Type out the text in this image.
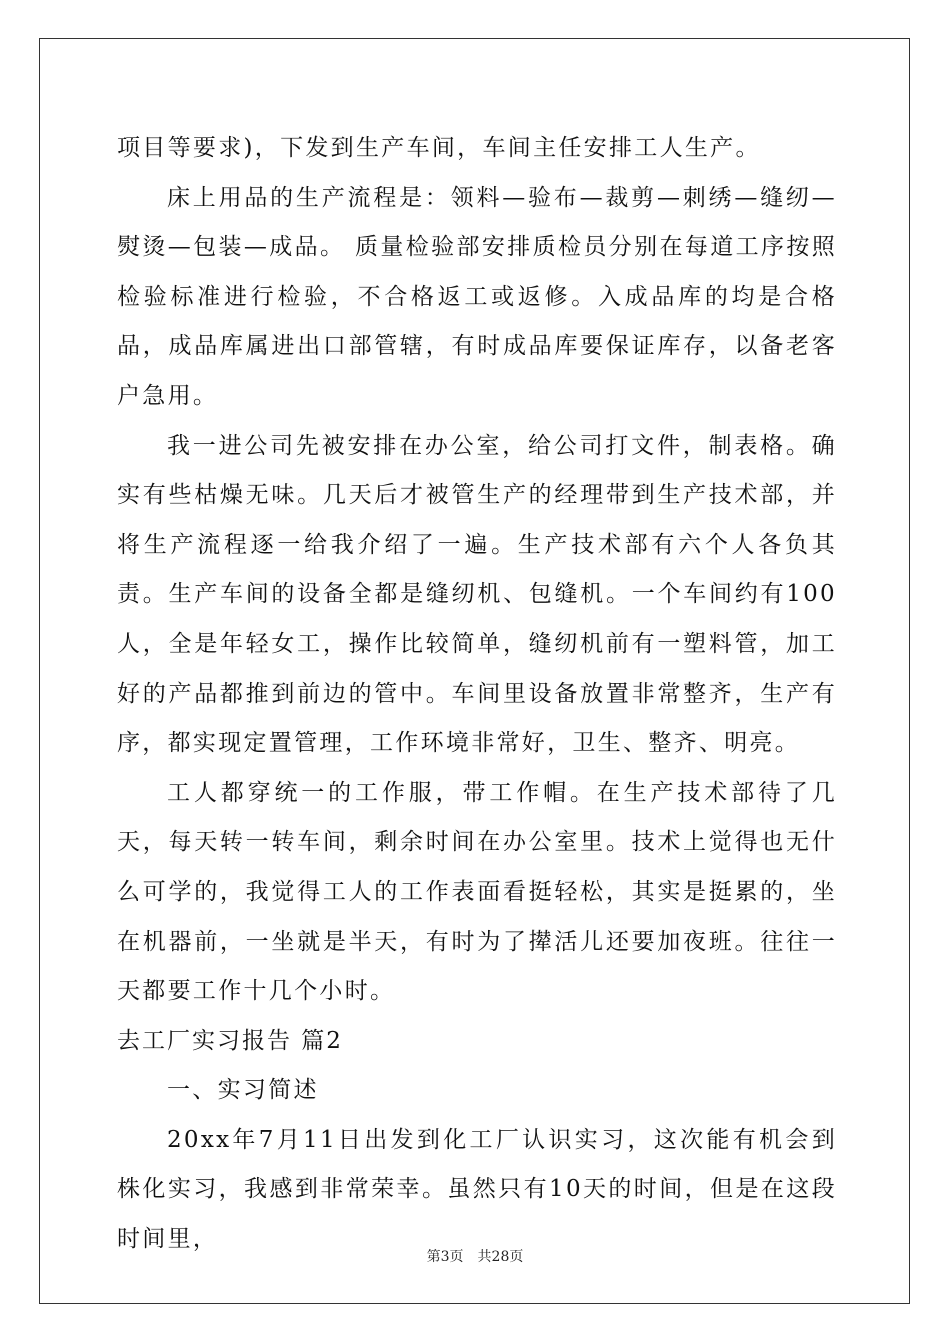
项目等要求)，下发到生产车间，车间主任安排工人生产。

床上用品的生产流程是：领料—验布—裁剪—刺绣—缝纫—熨烫—包装—成品。 质量检验部安排质检员分别在每道工序按照检验标准进行检验，不合格返工或返修。入成品库的均是合格品，成品库属进出口部管辖，有时成品库要保证库存，以备老客户急用。

我一进公司先被安排在办公室，给公司打文件，制表格。确实有些枯燥无味。几天后才被管生产的经理带到生产技术部，并将生产流程逐一给我介绍了一遍。生产技术部有六个人各负其责。生产车间的设备全都是缝纫机、包缝机。一个车间约有100人，全是年轻女工，操作比较简单，缝纫机前有一塑料管，加工好的产品都推到前边的管中。车间里设备放置非常整齐，生产有序，都实现定置管理，工作环境非常好，卫生、整齐、明亮。

工人都穿统一的工作服，带工作帽。在生产技术部待了几天，每天转一转车间，剩余时间在办公室里。技术上觉得也无什么可学的，我觉得工人的工作表面看挺轻松，其实是挺累的，坐在机器前，一坐就是半天，有时为了撵活儿还要加夜班。往往一天都要工作十几个小时。

去工厂实习报告 篇2

一、实习简述

20xx年7月11日出发到化工厂认识实习，这次能有机会到株化实习，我感到非常荣幸。虽然只有10天的时间，但是在这段时间里，

第3页 共28页
